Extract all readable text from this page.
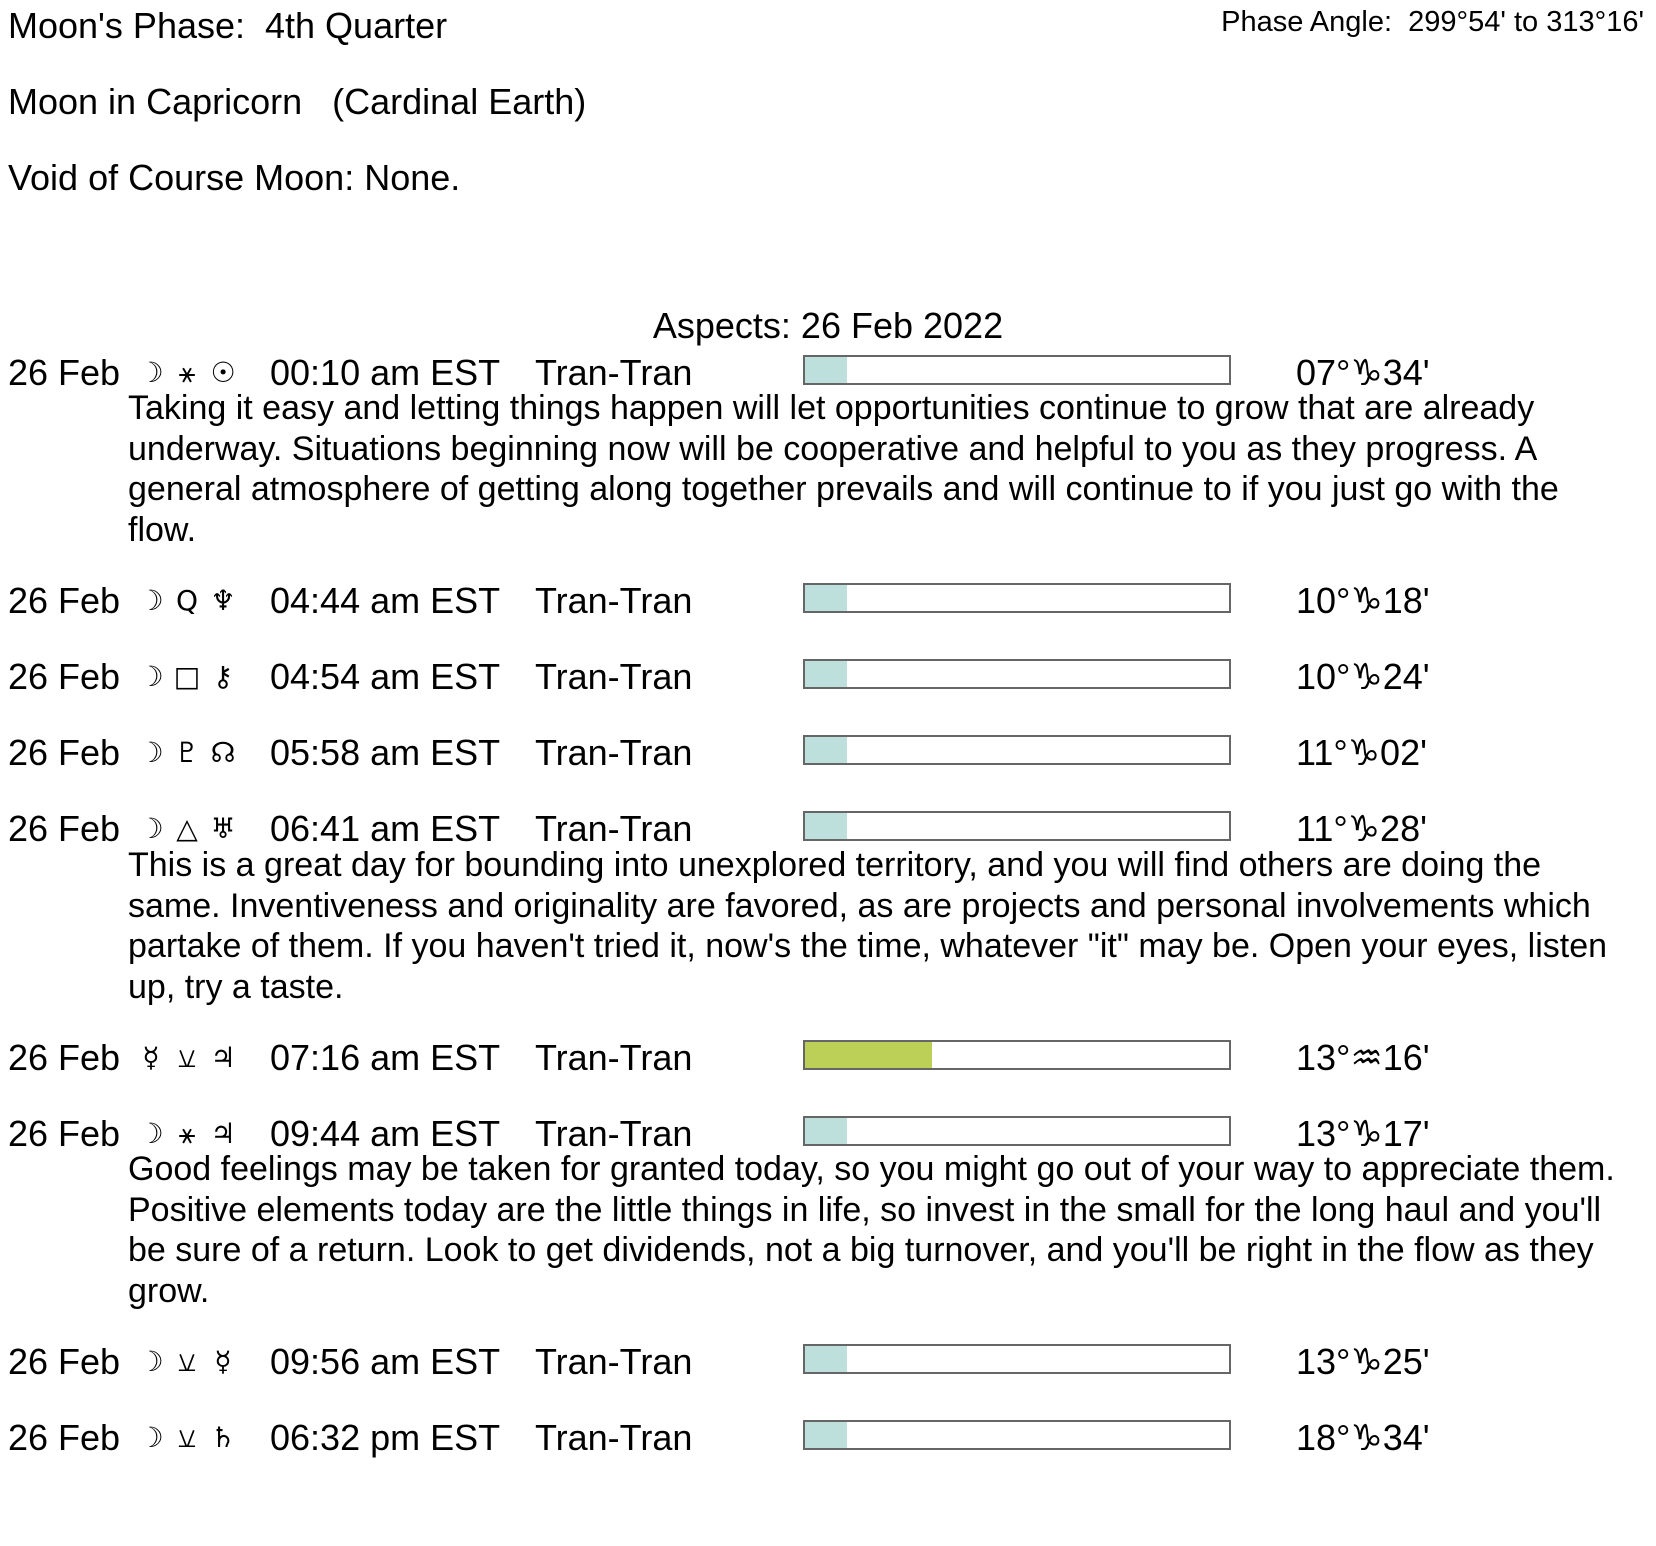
Moon's Phase:  4th Quarter	Phase Angle:  299°54' to 313°16'
Moon in Capricorn   (Cardinal Earth)
Void of Course Moon: None.
Aspects: 26 Feb 2022
26 Feb ☽ ⚹ ☉ 00:10 am EST Tran-Tran	07°♑34'
Taking it easy and letting things happen will let opportunities continue to grow that are already underway. Situations beginning now will be cooperative and helpful to you as they progress. A general atmosphere of getting along together prevails and will continue to if you just go with the flow.
26 Feb ☽ Q ♆ 04:44 am EST Tran-Tran	10°♑18'
26 Feb ☽ □ ⚷ 04:54 am EST Tran-Tran	10°♑24'
26 Feb ☽ ♇ ☊ 05:58 am EST Tran-Tran	11°♑02'
26 Feb ☽ △ ♅ 06:41 am EST Tran-Tran	11°♑28'
This is a great day for bounding into unexplored territory, and you will find others are doing the same. Inventiveness and originality are favored, as are projects and personal involvements which partake of them. If you haven't tried it, now's the time, whatever "it" may be. Open your eyes, listen up, try a taste.
26 Feb ☿ ⚺ ♃ 07:16 am EST Tran-Tran	13°♒16'
26 Feb ☽ ⚹ ♃ 09:44 am EST Tran-Tran	13°♑17'
Good feelings may be taken for granted today, so you might go out of your way to appreciate them. Positive elements today are the little things in life, so invest in the small for the long haul and you'll be sure of a return. Look to get dividends, not a big turnover, and you'll be right in the flow as they grow.
26 Feb ☽ ⚺ ☿ 09:56 am EST Tran-Tran	13°♑25'
26 Feb ☽ ⚺ ♄ 06:32 pm EST Tran-Tran	18°♑34'
